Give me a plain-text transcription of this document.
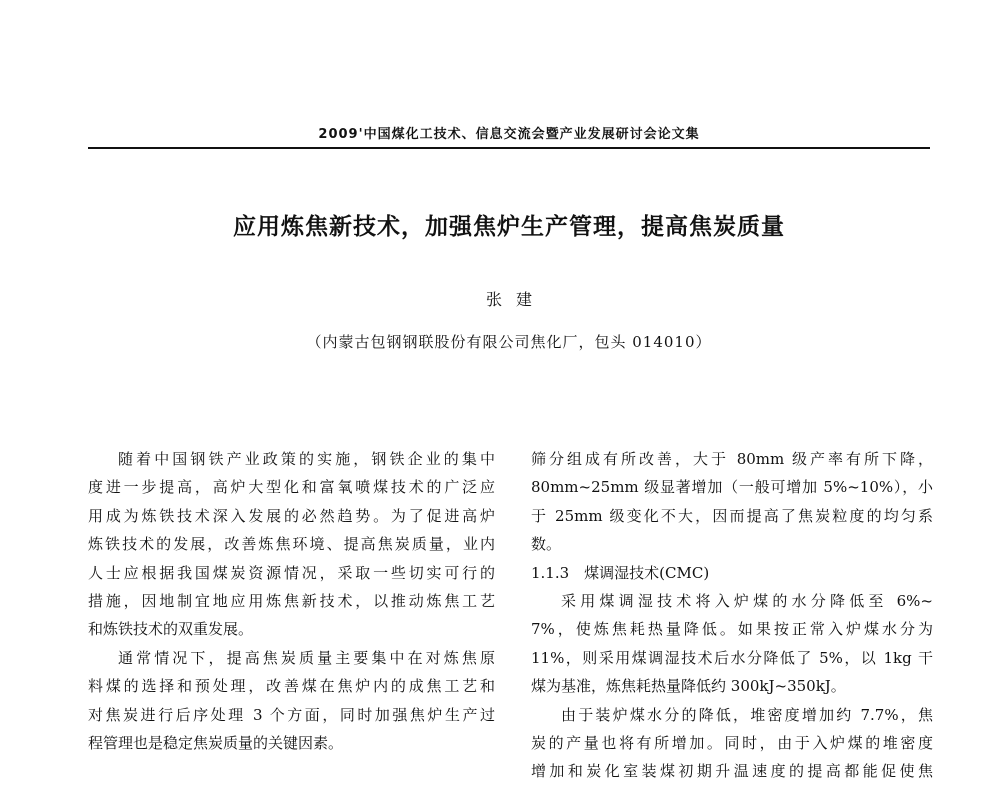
2009'中国煤化工技术、信息交流会暨产业发展研讨会论文集
应用炼焦新技术，加强焦炉生产管理，提高焦炭质量
张建
（内蒙古包钢钢联股份有限公司焦化厂，包头 014010）
随着中国钢铁产业政策的实施，钢铁企业的集中
度进一步提高，高炉大型化和富氧喷煤技术的广泛应
用成为炼铁技术深入发展的必然趋势。为了促进高炉
炼铁技术的发展，改善炼焦环境、提高焦炭质量，业内
人士应根据我国煤炭资源情况，采取一些切实可行的
措施，因地制宜地应用炼焦新技术，以推动炼焦工艺
和炼铁技术的双重发展。
通常情况下，提高焦炭质量主要集中在对炼焦原
料煤的选择和预处理，改善煤在焦炉内的成焦工艺和
对焦炭进行后序处理 3 个方面，同时加强焦炉生产过
程管理也是稳定焦炭质量的关键因素。
筛分组成有所改善，大于 80mm 级产率有所下降，
80mm~25mm 级显著增加（一般可增加 5%~10%），小
于 25mm 级变化不大，因而提高了焦炭粒度的均匀系
数。
1.1.3　煤调湿技术(CMC)
采用煤调湿技术将入炉煤的水分降低至 6%~
7%，使炼焦耗热量降低。如果按正常入炉煤水分为
11%，则采用煤调湿技术后水分降低了 5%，以 1kg 干
煤为基准，炼焦耗热量降低约 300kJ~350kJ。
由于装炉煤水分的降低，堆密度增加约 7.7%，焦
炭的产量也将有所增加。同时，由于入炉煤的堆密度
增加和炭化室装煤初期升温速度的提高都能促使焦
